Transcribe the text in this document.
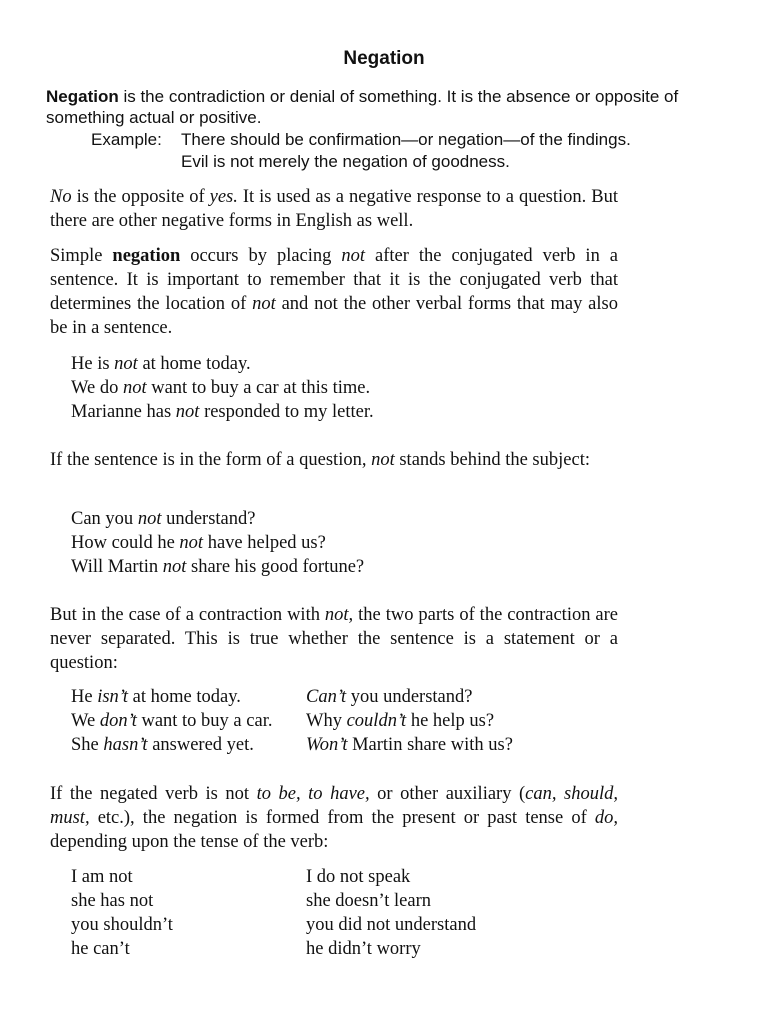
Negation
Negation is the contradiction or denial of something. It is the absence or opposite of something actual or positive.
Example: There should be confirmation—or negation—of the findings.
Evil is not merely the negation of goodness.
No is the opposite of yes. It is used as a negative response to a question. But there are other negative forms in English as well.
Simple negation occurs by placing not after the conjugated verb in a sentence. It is important to remember that it is the conjugated verb that determines the location of not and not the other verbal forms that may also be in a sentence.
He is not at home today.
We do not want to buy a car at this time.
Marianne has not responded to my letter.
If the sentence is in the form of a question, not stands behind the subject:
Can you not understand?
How could he not have helped us?
Will Martin not share his good fortune?
But in the case of a contraction with not, the two parts of the contraction are never separated. This is true whether the sentence is a statement or a question:
He isn’t at home today.	Can’t you understand?
We don’t want to buy a car. Why couldn’t he help us?
She hasn’t answered yet.	Won’t Martin share with us?
If the negated verb is not to be, to have, or other auxiliary (can, should, must, etc.), the negation is formed from the present or past tense of do, depending upon the tense of the verb:
I am not	I do not speak
she has not	she doesn’t learn
you shouldn’t	you did not understand
he can’t	he didn’t worry
